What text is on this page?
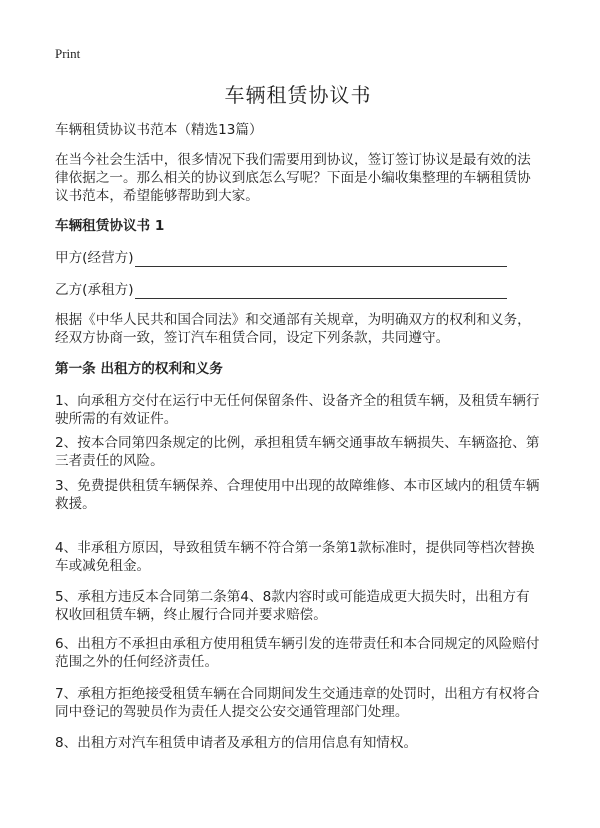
Print
车辆租赁协议书

车辆租赁协议书范本（精选13篇）

在当今社会生活中，很多情况下我们需要用到协议，签订签订协议是最有效的法律依据之一。那么相关的协议到底怎么写呢？下面是小编收集整理的车辆租赁协议书范本，希望能够帮助到大家。

车辆租赁协议书 1

甲方(经营方)
乙方(承租方)

根据《中华人民共和国合同法》和交通部有关规章，为明确双方的权利和义务，经双方协商一致，签订汽车租赁合同，设定下列条款，共同遵守。

第一条 出租方的权利和义务

1、向承租方交付在运行中无任何保留条件、设备齐全的租赁车辆，及租赁车辆行驶所需的有效证件。

2、按本合同第四条规定的比例，承担租赁车辆交通事故车辆损失、车辆盗抢、第三者责任的风险。

3、免费提供租赁车辆保养、合理使用中出现的故障维修、本市区域内的租赁车辆救援。

4、非承租方原因，导致租赁车辆不符合第一条第1款标准时，提供同等档次替换车或减免租金。

5、承租方违反本合同第二条第4、8款内容时或可能造成更大损失时，出租方有权收回租赁车辆，终止履行合同并要求赔偿。

6、出租方不承担由承租方使用租赁车辆引发的连带责任和本合同规定的风险赔付范围之外的任何经济责任。

7、承租方拒绝接受租赁车辆在合同期间发生交通违章的处罚时，出租方有权将合同中登记的驾驶员作为责任人提交公安交通管理部门处理。

8、出租方对汽车租赁申请者及承租方的信用信息有知情权。
